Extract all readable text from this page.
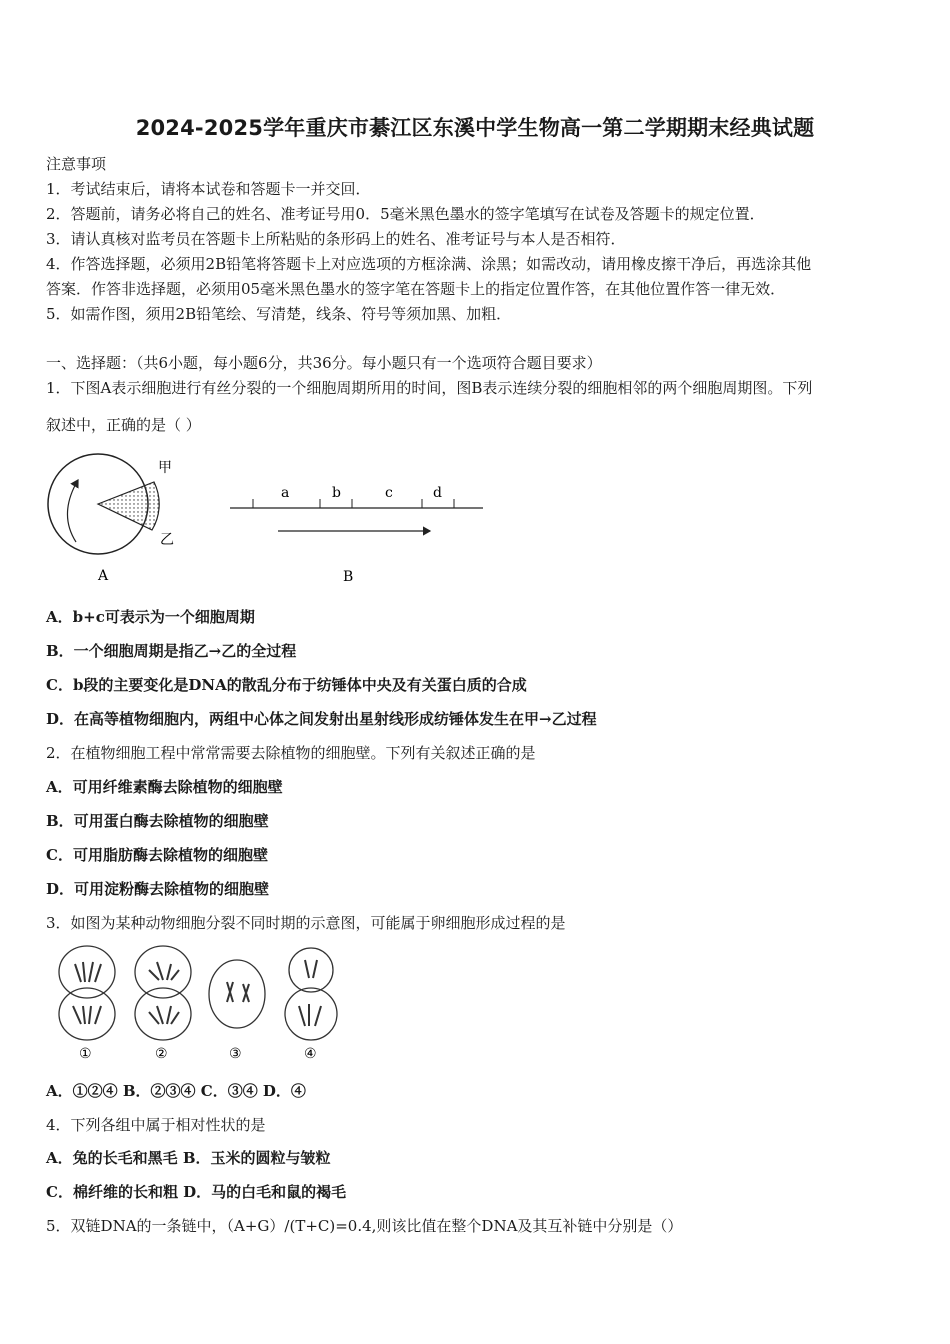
2024-2025学年重庆市綦江区东溪中学生物高一第二学期期末经典试题
注意事项
1．考试结束后，请将本试卷和答题卡一并交回．
2．答题前，请务必将自己的姓名、准考证号用0．5毫米黑色墨水的签字笔填写在试卷及答题卡的规定位置．
3．请认真核对监考员在答题卡上所粘贴的条形码上的姓名、准考证号与本人是否相符．
4．作答选择题，必须用2B铅笔将答题卡上对应选项的方框涂满、涂黑；如需改动，请用橡皮擦干净后，再选涂其他
答案．作答非选择题，必须用05毫米黑色墨水的签字笔在答题卡上的指定位置作答，在其他位置作答一律无效．
5．如需作图，须用2B铅笔绘、写清楚，线条、符号等须加黑、加粗．
一、选择题：（共6小题，每小题6分，共36分。每小题只有一个选项符合题目要求）
1．下图A表示细胞进行有丝分裂的一个细胞周期所用的时间，图B表示连续分裂的细胞相邻的两个细胞周期图。下列
叙述中，正确的是（ ）
甲
乙
A
a	b	c	d
B
A．b+c可表示为一个细胞周期
B．一个细胞周期是指乙→乙的全过程
C．b段的主要变化是DNA的散乱分布于纺锤体中央及有关蛋白质的合成
D．在高等植物细胞内，两组中心体之间发射出星射线形成纺锤体发生在甲→乙过程
2．在植物细胞工程中常常需要去除植物的细胞壁。下列有关叙述正确的是
A．可用纤维素酶去除植物的细胞壁
B．可用蛋白酶去除植物的细胞壁
C．可用脂肪酶去除植物的细胞壁
D．可用淀粉酶去除植物的细胞壁
3．如图为某种动物细胞分裂不同时期的示意图，可能属于卵细胞形成过程的是
①	②	③	④
A．①②④ B．②③④ C．③④ D．④
4．下列各组中属于相对性状的是
A．兔的长毛和黑毛 B．玉米的圆粒与皱粒
C．棉纤维的长和粗 D．马的白毛和鼠的褐毛
5．双链DNA的一条链中，（A+G）/(T+C)=0.4,则该比值在整个DNA及其互补链中分别是（）
